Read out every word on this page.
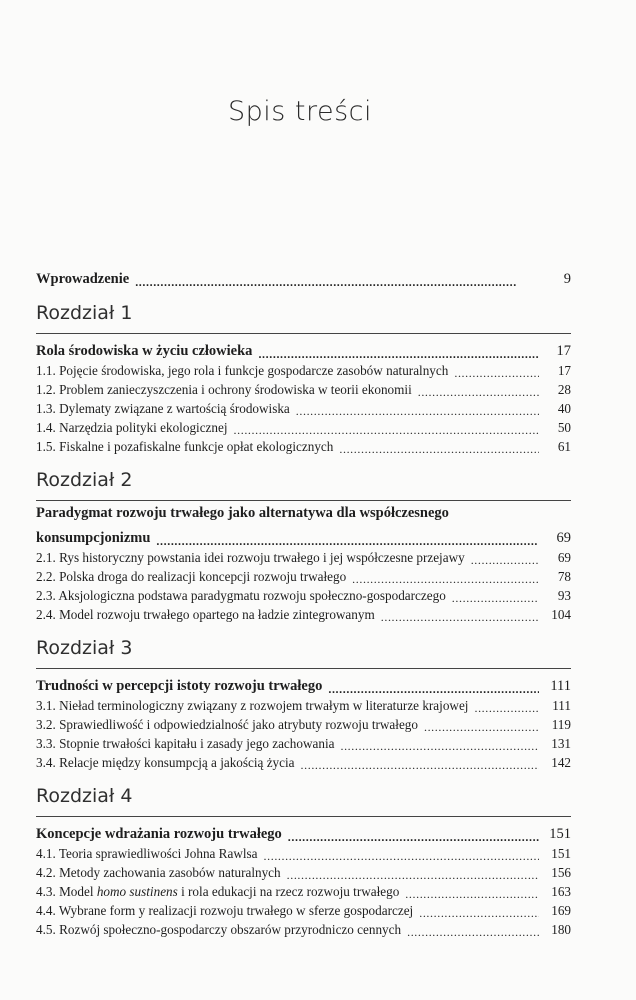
Spis treści
Wprowadzenie . . .	9
Rozdział 1
Rola środowiska w życiu człowieka . . .	17
1.1. Pojęcie środowiska, jego rola i funkcje gospodarcze zasobów naturalnych . . .	17
1.2. Problem zanieczyszczenia i ochrony środowiska w teorii ekonomii . . .	28
1.3. Dylematy związane z wartością środowiska . . .	40
1.4. Narzędzia polityki ekologicznej . . .	50
1.5. Fiskalne i pozafiskalne funkcje opłat ekologicznych . . .	61
Rozdział 2
Paradygmat rozwoju trwałego jako alternatywa dla współczesnego
konsumpcjonizmu . . .	69
2.1. Rys historyczny powstania idei rozwoju trwałego i jej współczesne przejawy . . .	69
2.2. Polska droga do realizacji koncepcji rozwoju trwałego . . .	78
2.3. Aksjologiczna podstawa paradygmatu rozwoju społeczno-gospodarczego . . .	93
2.4. Model rozwoju trwałego opartego na ładzie zintegrowanym . . .	104
Rozdział 3
Trudności w percepcji istoty rozwoju trwałego . . .	111
3.1. Nieład terminologiczny związany z rozwojem trwałym w literaturze krajowej . . .	111
3.2. Sprawiedliwość i odpowiedzialność jako atrybuty rozwoju trwałego . . .	119
3.3. Stopnie trwałości kapitału i zasady jego zachowania . . .	131
3.4. Relacje między konsumpcją a jakością życia . . .	142
Rozdział 4
Koncepcje wdrażania rozwoju trwałego . . .	151
4.1. Teoria sprawiedliwości Johna Rawlsa . . .	151
4.2. Metody zachowania zasobów naturalnych . . .	156
4.3. Model homo sustinens i rola edukacji na rzecz rozwoju trwałego . . .	163
4.4. Wybrane form y realizacji rozwoju trwałego w sferze gospodarczej . . .	169
4.5. Rozwój społeczno-gospodarczy obszarów przyrodniczo cennych . . .	180
